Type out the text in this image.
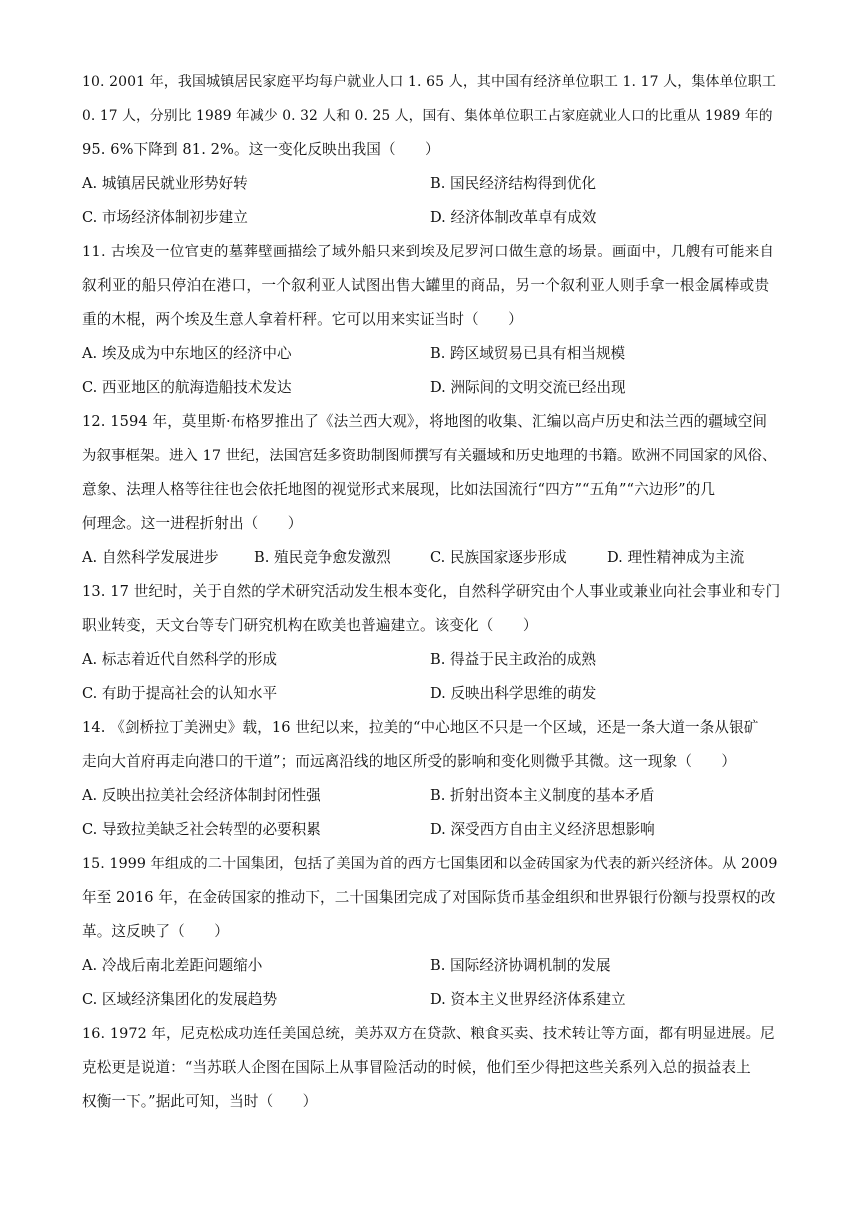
10. 2001 年，我国城镇居民家庭平均每户就业人口 1. 65 人，其中国有经济单位职工 1. 17 人，集体单位职工
0. 17 人，分别比 1989 年减少 0. 32 人和 0. 25 人，国有、集体单位职工占家庭就业人口的比重从 1989 年的
95. 6%下降到 81. 2%。这一变化反映出我国（　　）
A. 城镇居民就业形势好转	B. 国民经济结构得到优化
C. 市场经济体制初步建立	D. 经济体制改革卓有成效
11. 古埃及一位官吏的墓葬壁画描绘了域外船只来到埃及尼罗河口做生意的场景。画面中，几艘有可能来自
叙利亚的船只停泊在港口，一个叙利亚人试图出售大罐里的商品，另一个叙利亚人则手拿一根金属棒或贵
重的木棍，两个埃及生意人拿着杆秤。它可以用来实证当时（　　）
A. 埃及成为中东地区的经济中心	B. 跨区域贸易已具有相当规模
C. 西亚地区的航海造船技术发达	D. 洲际间的文明交流已经出现
12. 1594 年，莫里斯·布格罗推出了《法兰西大观》，将地图的收集、汇编以高卢历史和法兰西的疆域空间
为叙事框架。进入 17 世纪，法国宫廷多资助制图师撰写有关疆域和历史地理的书籍。欧洲不同国家的风俗、
意象、法理人格等往往也会依托地图的视觉形式来展现，比如法国流行“四方”“五角”“六边形”的几
何理念。这一进程折射出（　　）
A. 自然科学发展进步 B. 殖民竞争愈发激烈	C. 民族国家逐步形成	D. 理性精神成为主流
13. 17 世纪时，关于自然的学术研究活动发生根本变化，自然科学研究由个人事业或兼业向社会事业和专门
职业转变，天文台等专门研究机构在欧美也普遍建立。该变化（　　）
A. 标志着近代自然科学的形成	B. 得益于民主政治的成熟
C. 有助于提高社会的认知水平	D. 反映出科学思维的萌发
14. 《剑桥拉丁美洲史》载，16 世纪以来，拉美的“中心地区不只是一个区域，还是一条大道一条从银矿
走向大首府再走向港口的干道”；而远离沿线的地区所受的影响和变化则微乎其微。这一现象（　　）
A. 反映出拉美社会经济体制封闭性强	B. 折射出资本主义制度的基本矛盾
C. 导致拉美缺乏社会转型的必要积累	D. 深受西方自由主义经济思想影响
15. 1999 年组成的二十国集团，包括了美国为首的西方七国集团和以金砖国家为代表的新兴经济体。从 2009
年至 2016 年，在金砖国家的推动下，二十国集团完成了对国际货币基金组织和世界银行份额与投票权的改
革。这反映了（　　）
A. 冷战后南北差距问题缩小	B. 国际经济协调机制的发展
C. 区域经济集团化的发展趋势	D. 资本主义世界经济体系建立
16. 1972 年，尼克松成功连任美国总统，美苏双方在贷款、粮食买卖、技术转让等方面，都有明显进展。尼
克松更是说道：“当苏联人企图在国际上从事冒险活动的时候，他们至少得把这些关系列入总的损益表上
权衡一下。”据此可知，当时（　　）
